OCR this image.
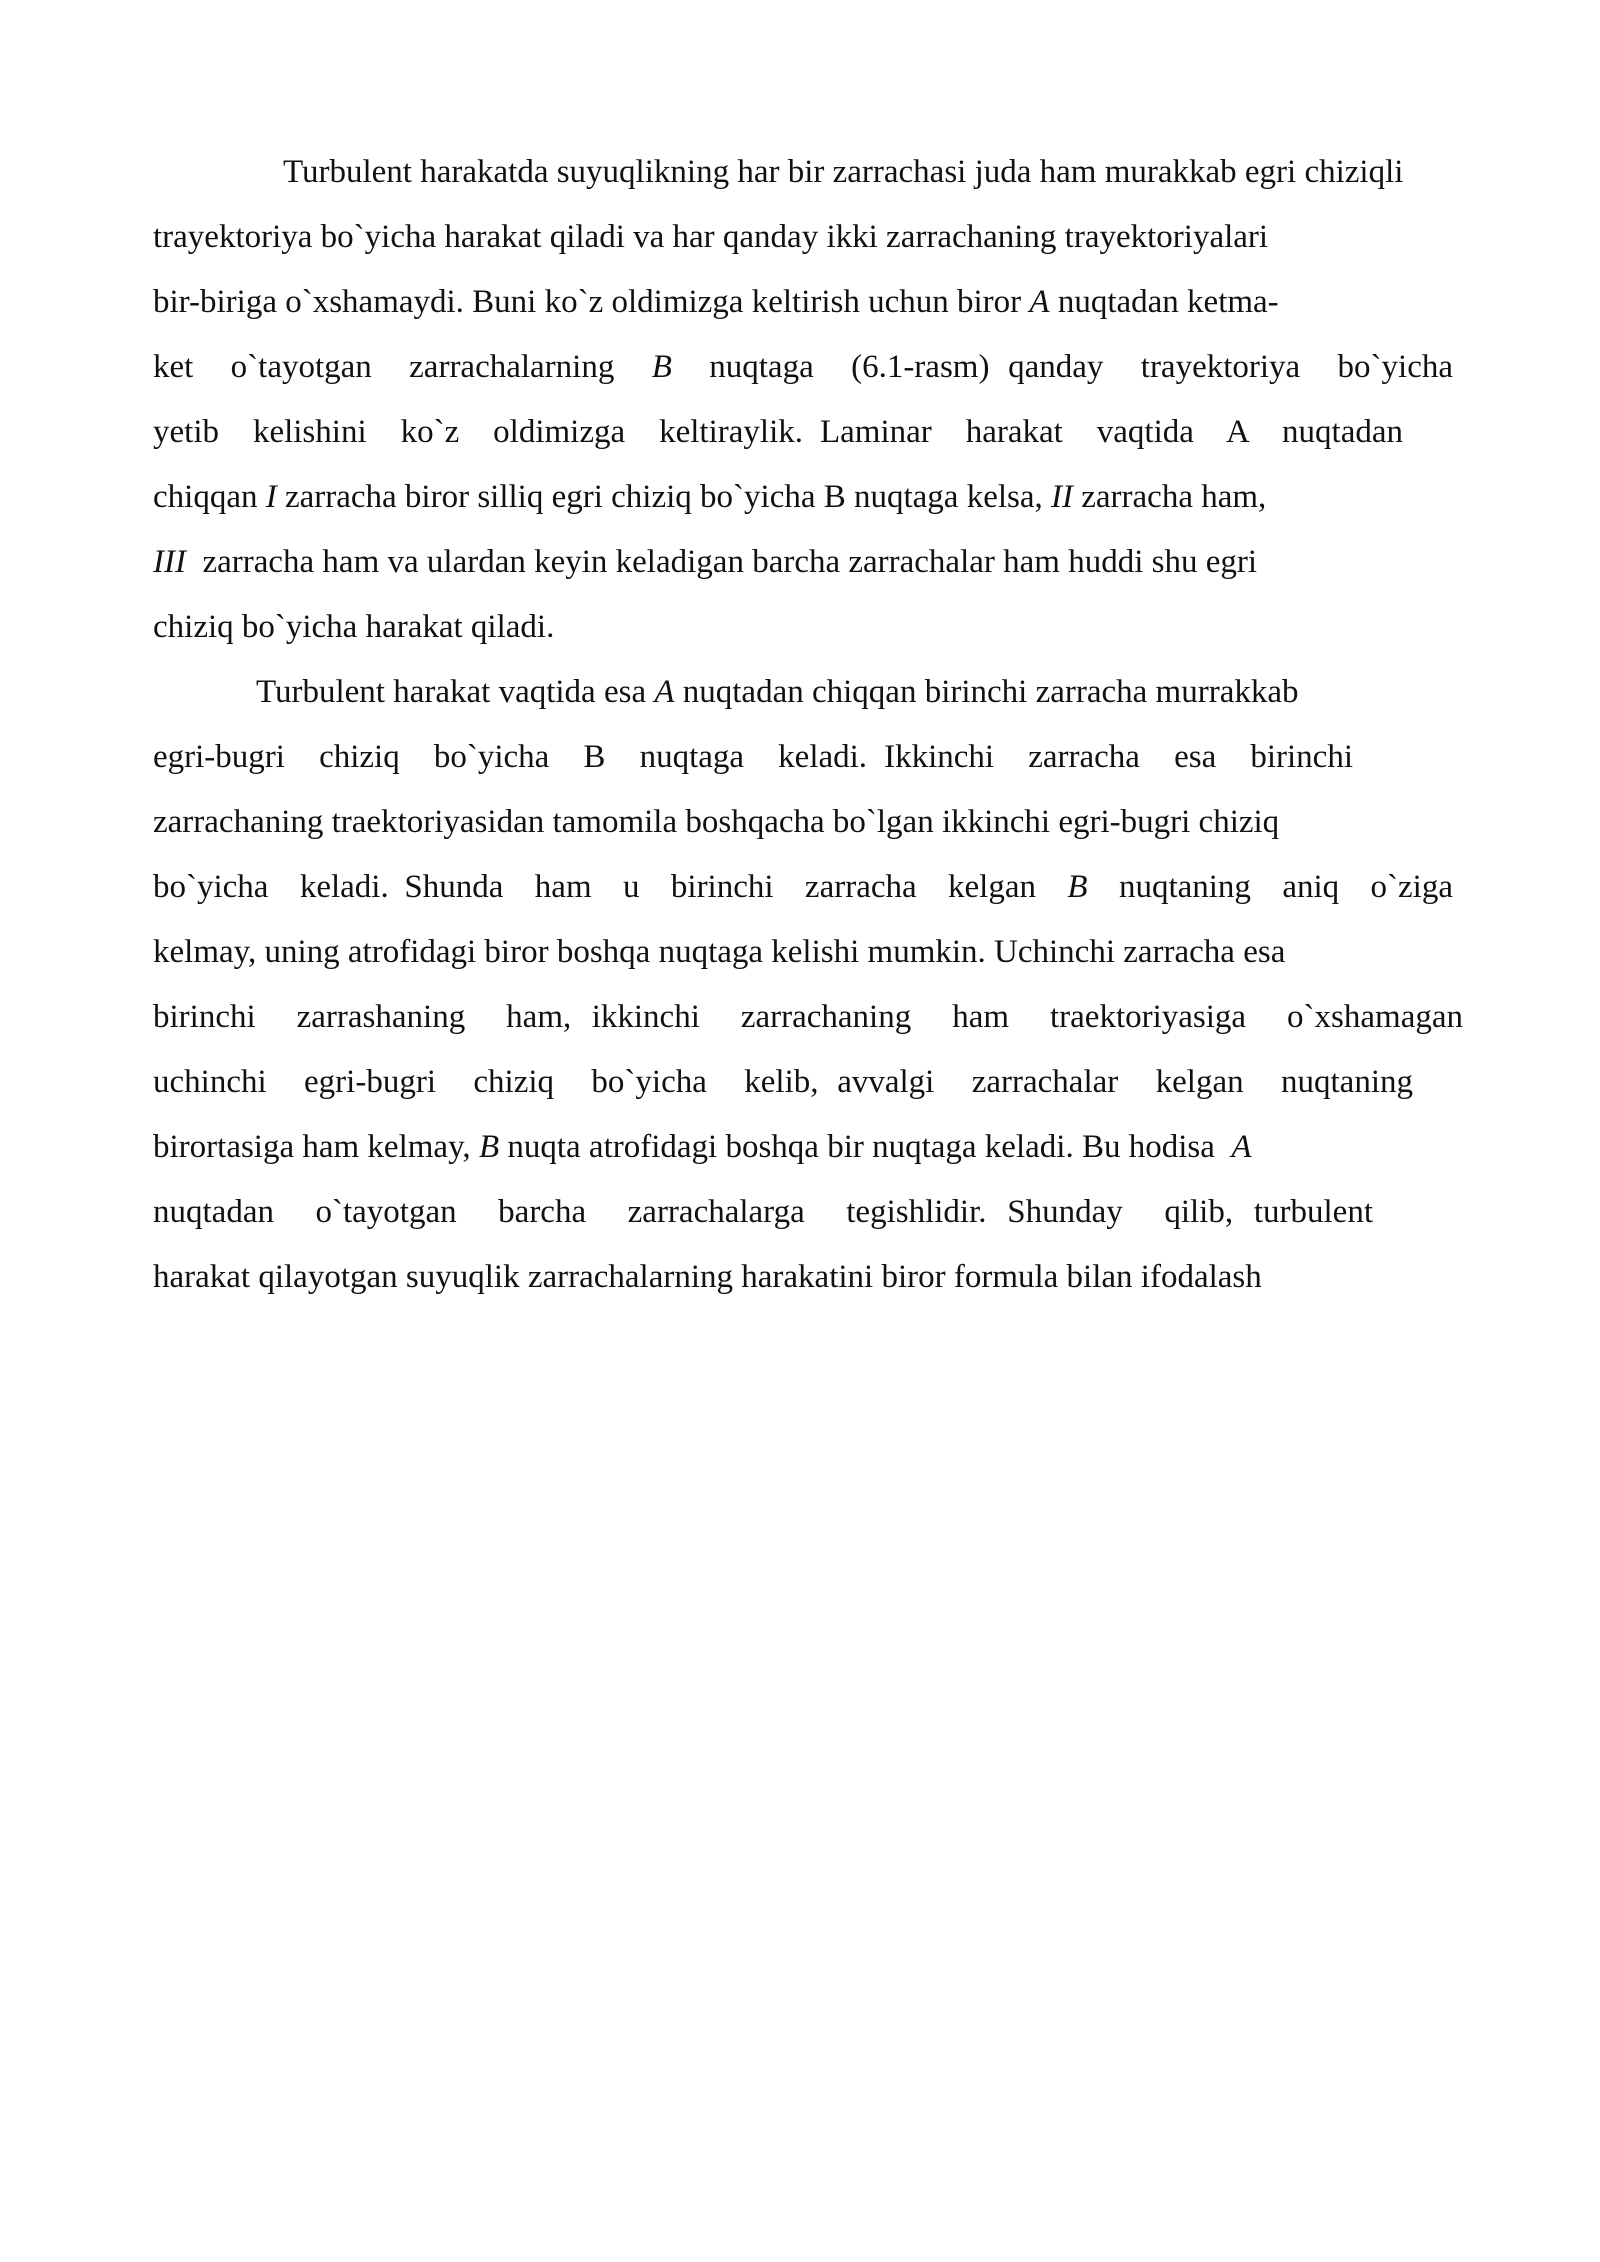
Turbulent harakatda suyuqlikning har bir zarrachasi juda ham murakkab egri chiziqli
trayektoriya bo`yicha harakat qiladi va har qanday ikki zarrachaning trayektoriyalari
bir-biriga o`xshamaydi. Buni ko`z oldimizga keltirish uchun biror A nuqtadan ketma-
ket  o`tayotgan  zarrachalarning  B  nuqtaga  (6.1-rasm) qanday  trayektoriya  bo`yicha
yetib  kelishini  ko`z  oldimizga  keltiraylik. Laminar  harakat  vaqtida  A  nuqtadan
chiqqan I zarracha biror silliq egri chiziq bo`yicha B nuqtaga kelsa, II zarracha ham,
III  zarracha ham va ulardan keyin keladigan barcha zarrachalar ham huddi shu egri
chiziq bo`yicha harakat qiladi.
Turbulent harakat vaqtida esa A nuqtadan chiqqan birinchi zarracha murrakkab
egri-bugri  chiziq  bo`yicha  B  nuqtaga  keladi. Ikkinchi  zarracha  esa  birinchi
zarrachaning traektoriyasidan tamomila boshqacha bo`lgan ikkinchi egri-bugri chiziq
bo`yicha  keladi. Shunda  ham  u  birinchi  zarracha  kelgan  B  nuqtaning  aniq  o`ziga
kelmay, uning atrofidagi biror boshqa nuqtaga kelishi mumkin. Uchinchi zarracha esa
birinchi  zarrashaning  ham, ikkinchi  zarrachaning  ham  traektoriyasiga  o`xshamagan
uchinchi  egri-bugri  chiziq  bo`yicha  kelib, avvalgi  zarrachalar  kelgan  nuqtaning
birortasiga ham kelmay, B nuqta atrofidagi boshqa bir nuqtaga keladi. Bu hodisa  A
nuqtadan  o`tayotgan  barcha  zarrachalarga  tegishlidir. Shunday  qilib, turbulent
harakat qilayotgan suyuqlik zarrachalarning harakatini biror formula bilan ifodalash
